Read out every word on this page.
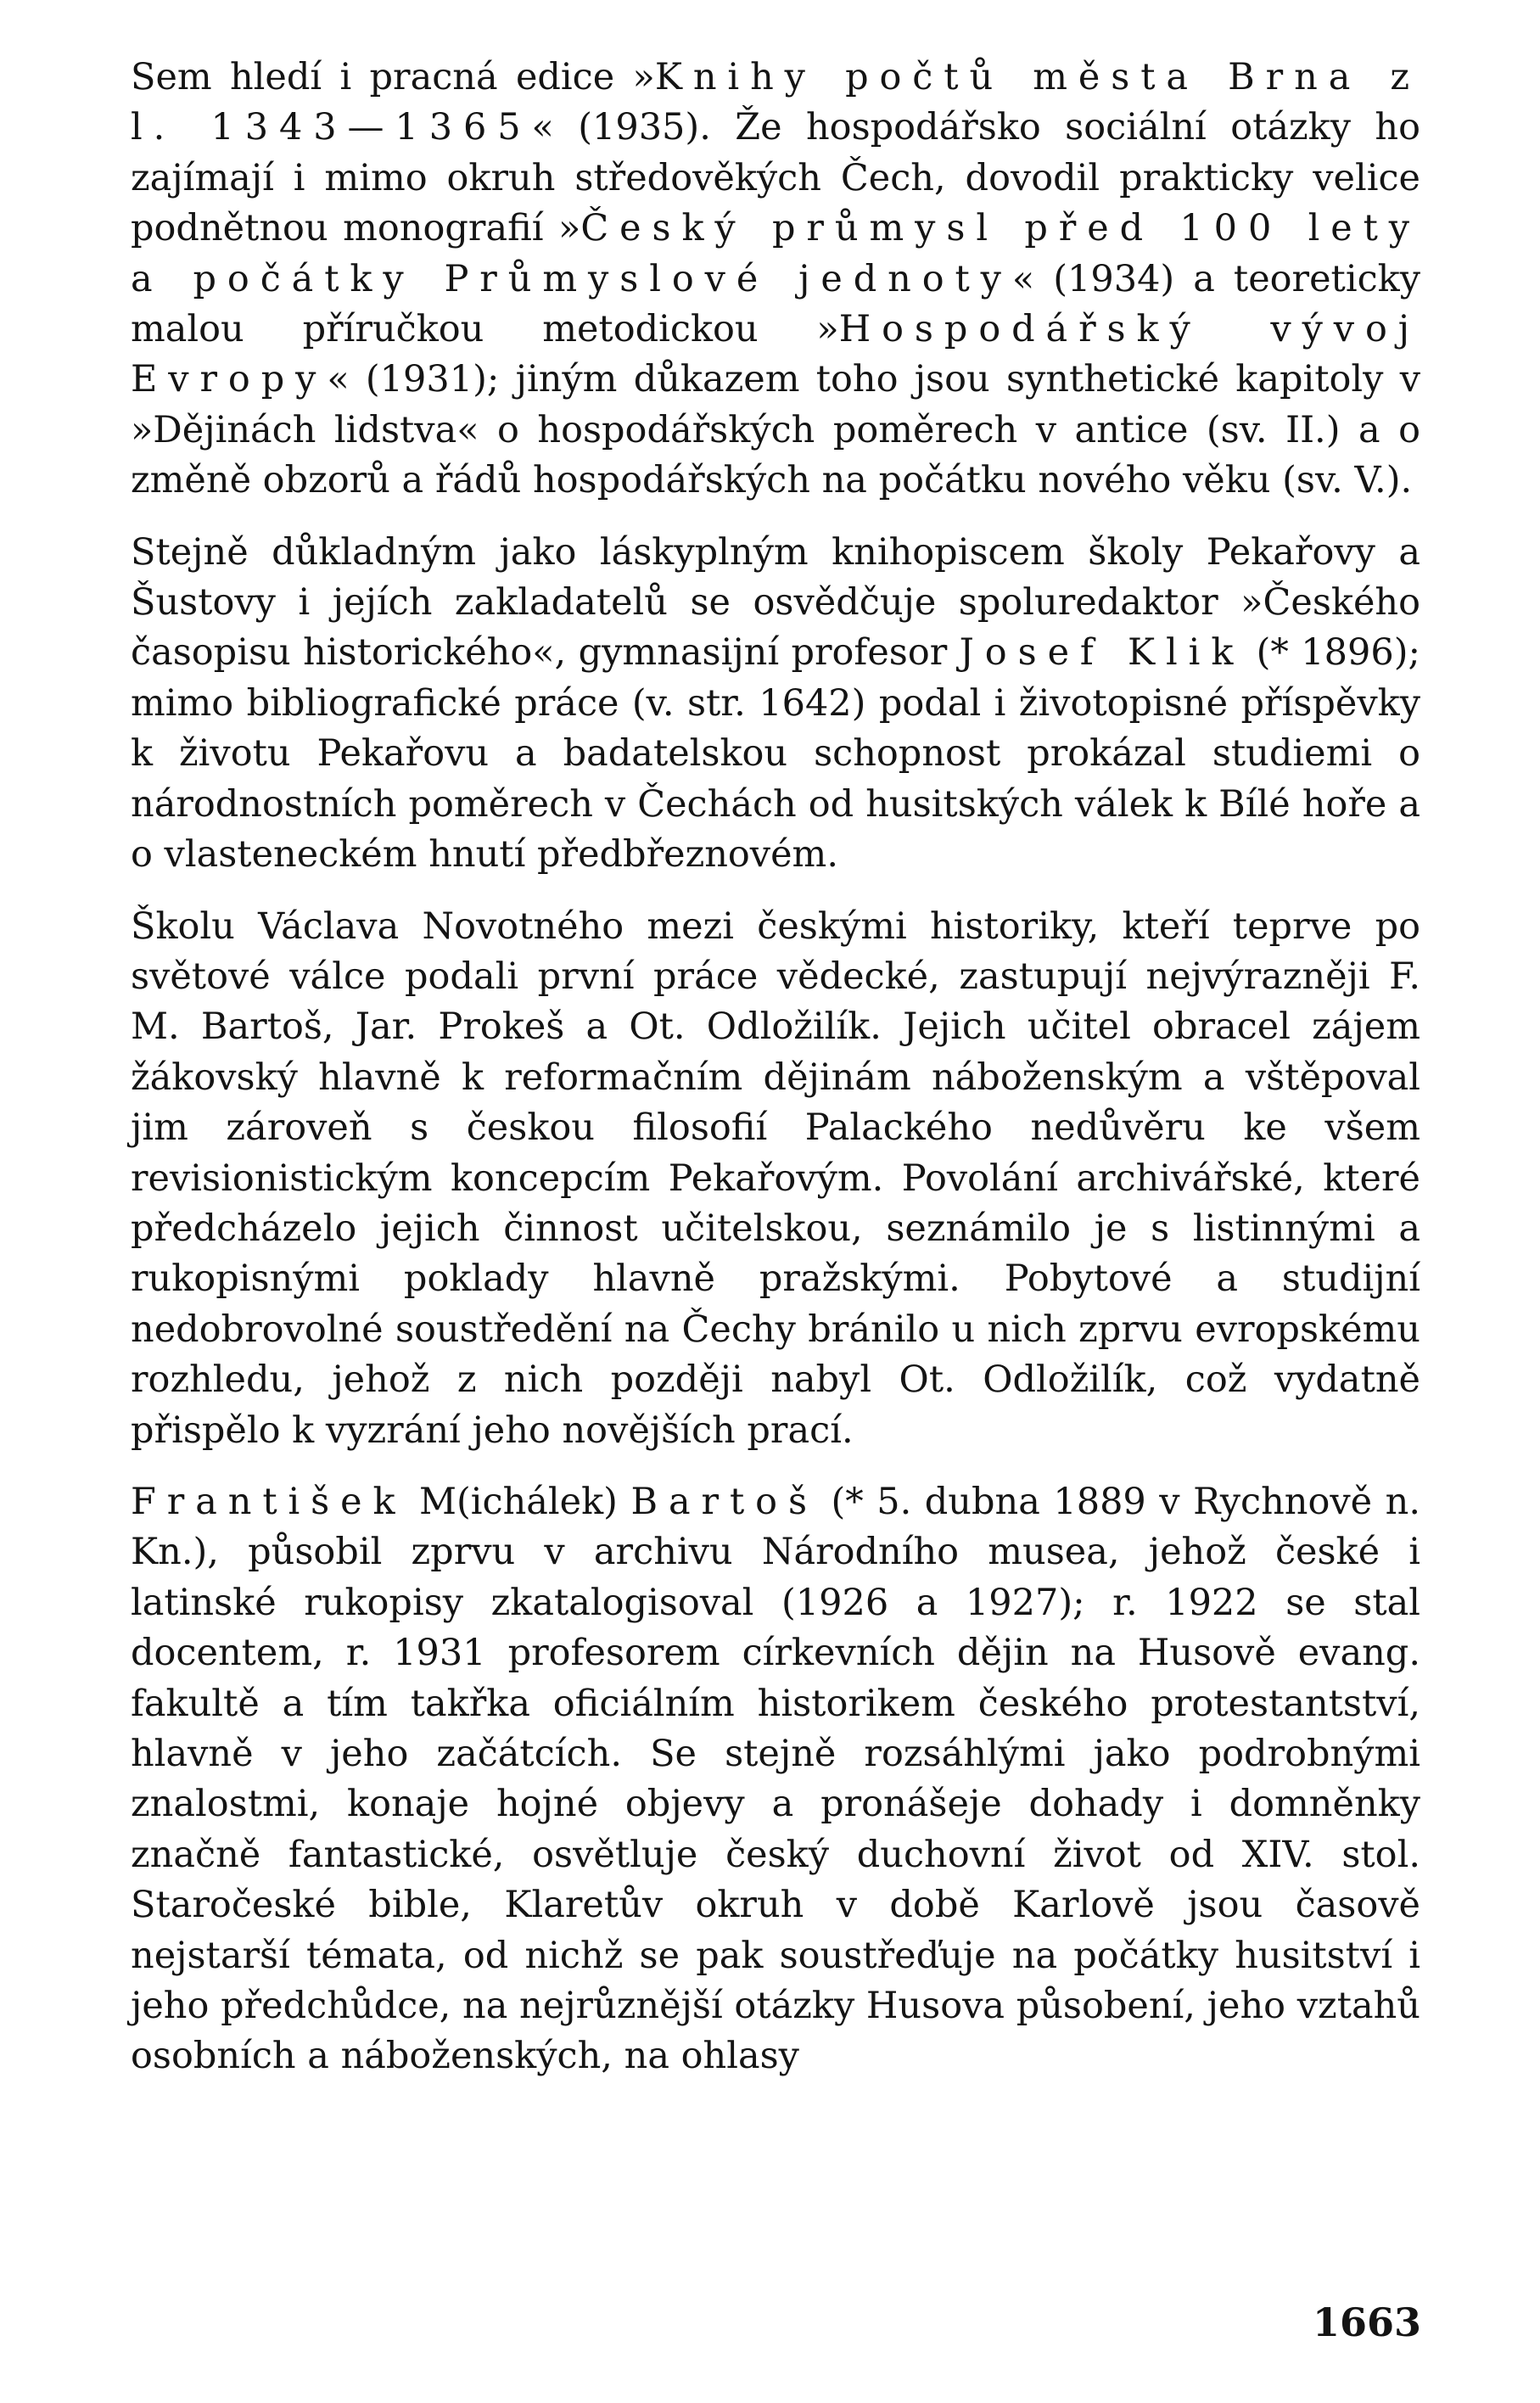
Sem hledí i pracná edice »Knihy počtů města Brna z l. 1343—1365« (1935). Že hospodářsko sociální otázky ho zajímají i mimo okruh středověkých Čech, dovodil prakticky velice podnětnou monografií »Český průmysl před 100 lety a počátky Průmyslové jednoty« (1934) a teoreticky malou příručkou metodickou »Hospodářský vývoj Evropy« (1931); jiným důkazem toho jsou synthetické kapitoly v »Dějinách lidstva« o hospodářských poměrech v antice (sv. II.) a o změně obzorů a řádů hospodářských na počátku nového věku (sv. V.).

Stejně důkladným jako láskyplným knihopiscem školy Pekařovy a Šustovy i jejích zakladatelů se osvědčuje spoluredaktor »Českého časopisu historického«, gymnasijní profesor Josef Klik (* 1896); mimo bibliografické práce (v. str. 1642) podal i životopisné příspěvky k životu Pekařovu a badatelskou schopnost prokázal studiemi o národnostních poměrech v Čechách od husitských válek k Bílé hoře a o vlasteneckém hnutí předbřeznovém.

Školu Václava Novotného mezi českými historiky, kteří teprve po světové válce podali první práce vědecké, zastupují nejvýrazněji F. M. Bartoš, Jar. Prokeš a Ot. Odložilík. Jejich učitel obracel zájem žákovský hlavně k reformačním dějinám náboženským a vštěpoval jim zároveň s českou filosofií Palackého nedůvěru ke všem revisionistickým koncepcím Pekařovým. Povolání archivářské, které předcházelo jejich činnost učitelskou, seznámilo je s listinnými a rukopisnými poklady hlavně pražskými. Pobytové a studijní nedobrovolné soustředění na Čechy bránilo u nich zprvu evropskému rozhledu, jehož z nich později nabyl Ot. Odložilík, což vydatně přispělo k vyzrání jeho novějších prací.

František M(ichálek) Bartoš (* 5. dubna 1889 v Rychnově n. Kn.), působil zprvu v archivu Národního musea, jehož české i latinské rukopisy zkatalogisoval (1926 a 1927); r. 1922 se stal docentem, r. 1931 profesorem církevních dějin na Husově evang. fakultě a tím takřka oficiálním historikem českého protestantství, hlavně v jeho začátcích. Se stejně rozsáhlými jako podrobnými znalostmi, konaje hojné objevy a pronášeje dohady i domněnky značně fantastické, osvětluje český duchovní život od XIV. stol. Staročeské bible, Klaretův okruh v době Karlově jsou časově nejstarší témata, od nichž se pak soustřeďuje na počátky husitství i jeho předchůdce, na nejrůznější otázky Husova působení, jeho vztahů osobních a náboženských, na ohlasy

1663
